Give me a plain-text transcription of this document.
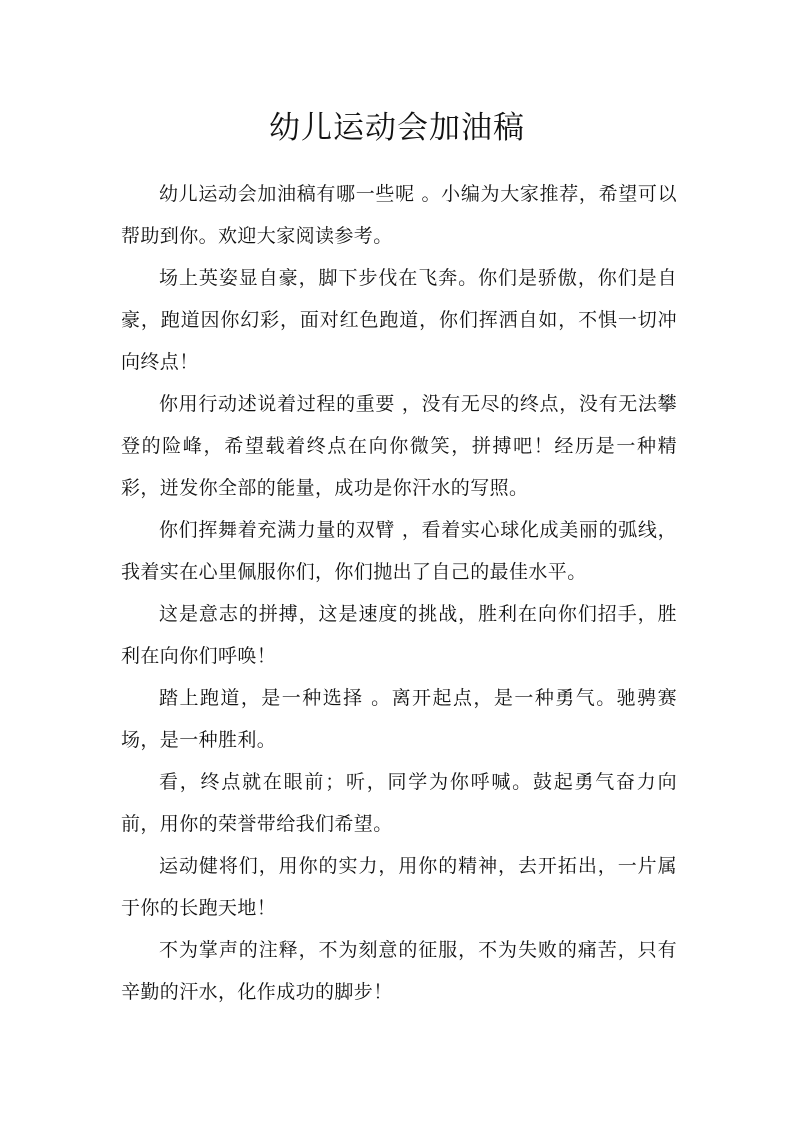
幼儿运动会加油稿

幼儿运动会加油稿有哪一些呢 。小编为大家推荐，希望可以帮助到你。欢迎大家阅读参考。

场上英姿显自豪，脚下步伐在飞奔。你们是骄傲，你们是自豪，跑道因你幻彩，面对红色跑道，你们挥洒自如，不惧一切冲向终点！

你用行动述说着过程的重要 ，没有无尽的终点，没有无法攀登的险峰，希望载着终点在向你微笑，拼搏吧！经历是一种精彩，迸发你全部的能量，成功是你汗水的写照。

你们挥舞着充满力量的双臂 ，看着实心球化成美丽的弧线，我着实在心里佩服你们，你们抛出了自己的最佳水平。

这是意志的拼搏，这是速度的挑战，胜利在向你们招手，胜利在向你们呼唤！

踏上跑道，是一种选择 。离开起点，是一种勇气。驰骋赛场，是一种胜利。

看，终点就在眼前；听，同学为你呼喊。鼓起勇气奋力向前，用你的荣誉带给我们希望。

运动健将们，用你的实力，用你的精神，去开拓出，一片属于你的长跑天地！

不为掌声的注释，不为刻意的征服，不为失败的痛苦，只有辛勤的汗水，化作成功的脚步！
